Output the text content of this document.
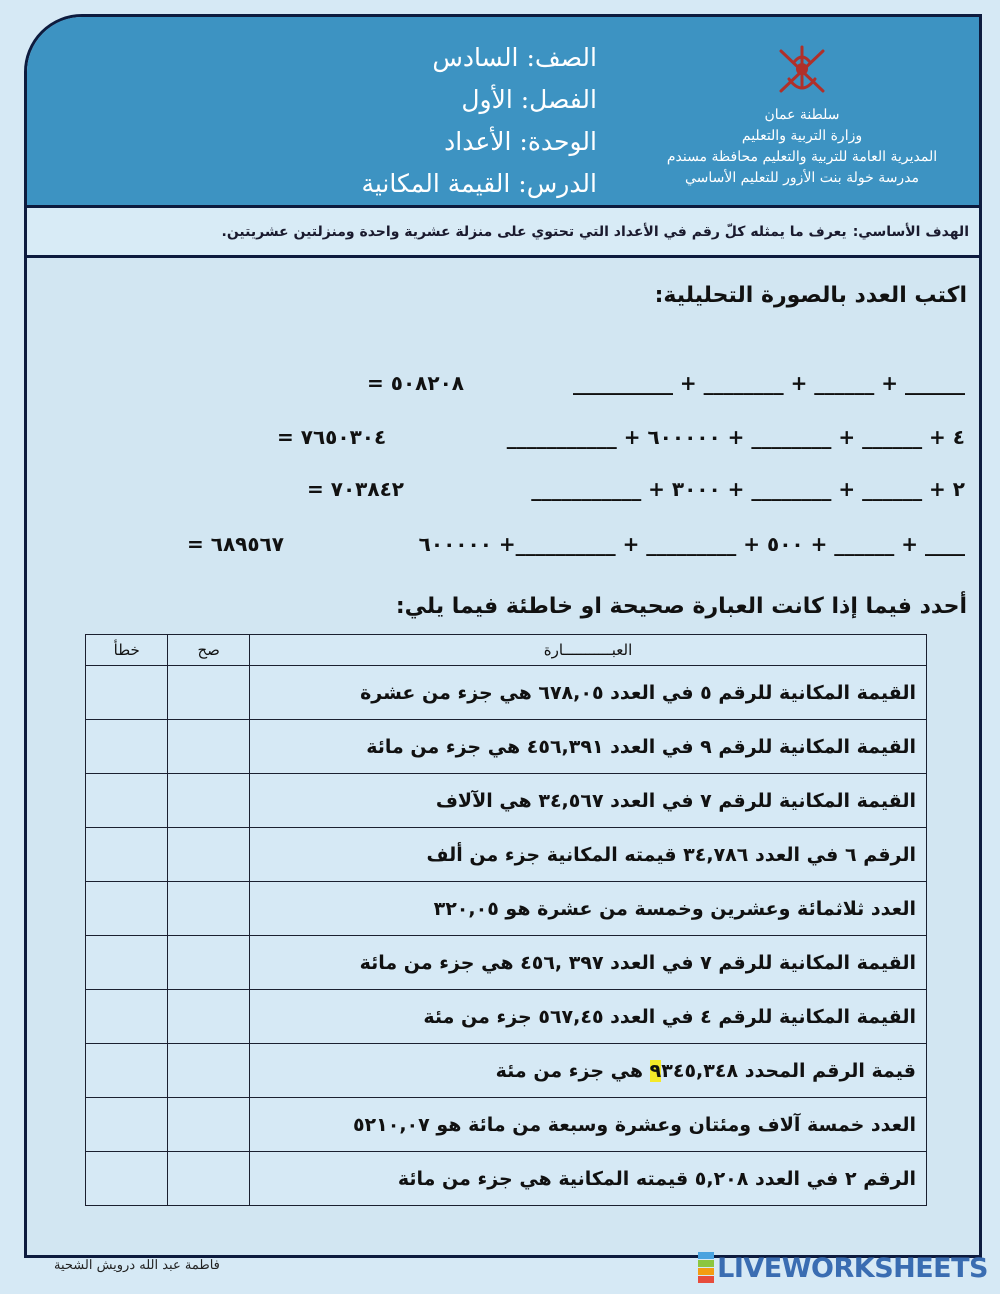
سلطنة عمان
وزارة التربية والتعليم
المديرية العامة للتربية والتعليم محافظة مسندم
مدرسة خولة بنت الأزور للتعليم الأساسي
الصف: السادس
الفصل: الأول
الوحدة: الأعداد
الدرس: القيمة المكانية
الهدف الأساسي:
يعرف ما يمثله كلّ رقم في الأعداد التي تحتوي على منزلة عشرية واحدة ومنزلتين عشريتين.
اكتب العدد بالصورة التحليلية:
______ + ______ + ________ + __________
٥٠٨٢٠٨ =
٤ + ______ + ________ + ٦٠٠٠٠٠ + ___________
٧٦٥٠٣٠٤ =
٢ + ______ + ________ + ٣٠٠٠ + ___________
٧٠٣٨٤٢ =
____ + ______ + ٥٠٠ + _________ + __________+ ٦٠٠٠٠٠
٦٨٩٥٦٧ =
أحدد فيما إذا كانت العبارة صحيحة او خاطئة فيما يلي:
العبـــــــــــارة	صح	خطأ
القيمة المكانية للرقم ٥ في العدد ٦٧٨,٠٥ هي جزء من عشرة		
القيمة المكانية للرقم ٩ في العدد ٤٥٦,٣٩١ هي جزء من مائة		
القيمة المكانية للرقم ٧ في العدد ٣٤,٥٦٧ هي الآلاف		
الرقم ٦ في العدد ٣٤,٧٨٦ قيمته المكانية جزء من ألف		
العدد ثلاثمائة وعشرين وخمسة من عشرة هو ٣٢٠,٠٥		
القيمة المكانية للرقم ٧ في العدد ٣٩٧ ,٤٥٦ هي جزء من مائة		
القيمة المكانية للرقم ٤ في العدد ٥٦٧,٤٥ جزء من مئة		
قيمة الرقم المحدد ٩٣٤٥,٣٤٨ هي جزء من مئة		
العدد خمسة آلاف ومئتان وعشرة وسبعة من مائة هو ٥٢١٠,٠٧		
الرقم ٢ في العدد ٥,٢٠٨ قيمته المكانية هي جزء من مائة		
فاطمة عبد الله درويش الشحية	LIVEWORKSHEETS
